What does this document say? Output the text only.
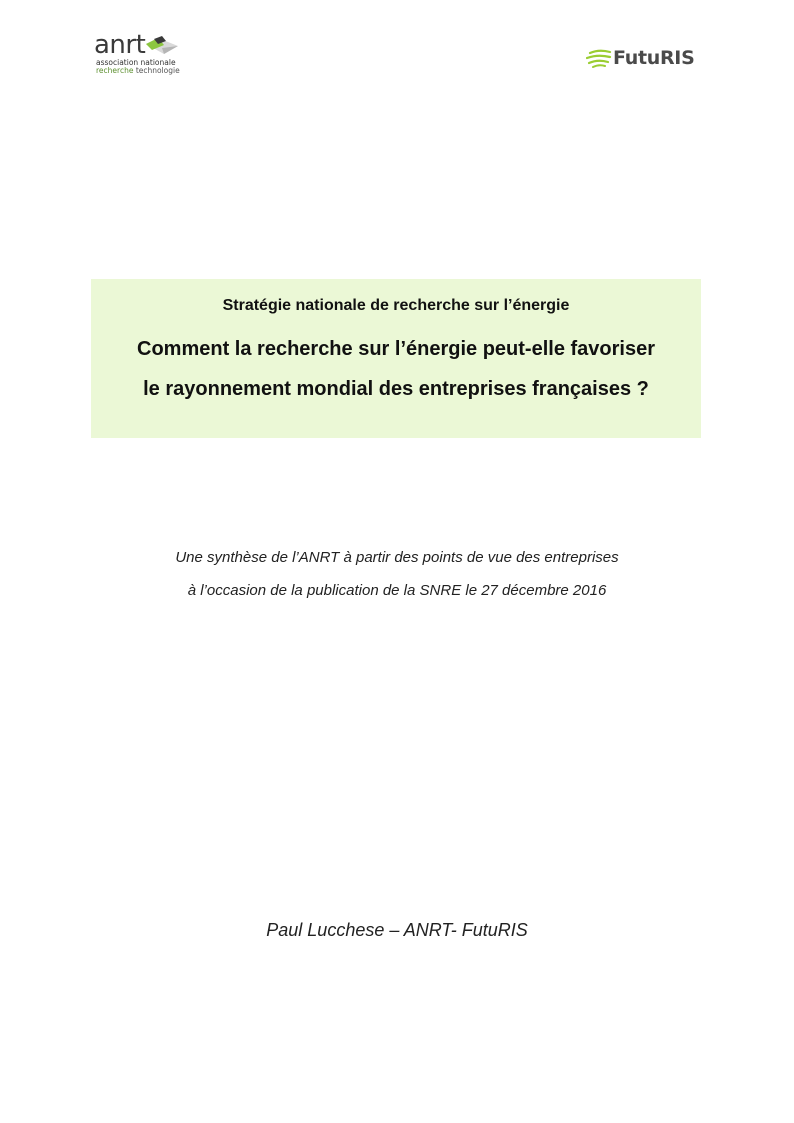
anrt
association nationale
recherche technologie
FutuRIS
Stratégie nationale de recherche sur l’énergie
Comment la recherche sur l’énergie peut-elle favoriser
le rayonnement mondial des entreprises françaises ?
Une synthèse de l’ANRT à partir des points de vue des entreprises
à l’occasion de la publication de la SNRE le 27 décembre 2016
Paul Lucchese – ANRT- FutuRIS
